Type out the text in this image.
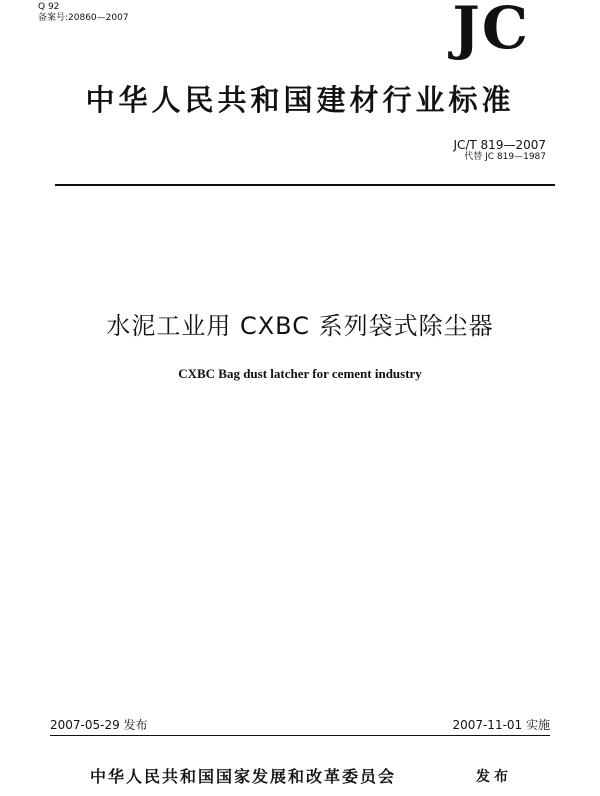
Q 92
备案号:20860—2007	JC
中华人民共和国建材行业标准
JC/T 819—2007
代替 JC 819—1987
水泥工业用 CXBC 系列袋式除尘器
CXBC Bag dust latcher for cement industry
2007-05-29 发布	2007-11-01 实施
中华人民共和国国家发展和改革委员会	发布
